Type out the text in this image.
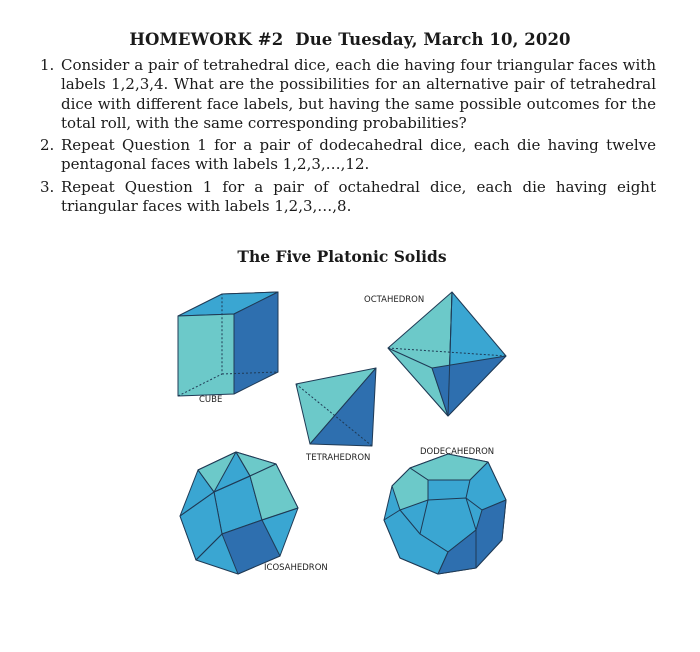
HOMEWORK #2 Due Tuesday, March 10, 2020
1. Consider a pair of tetrahedral dice, each die having four triangular faces with labels 1,2,3,4. What are the possibilities for an alternative pair of tetrahedral dice with different face labels, but having the same possible outcomes for the total roll, with the same corresponding probabilities?
2. Repeat Question 1 for a pair of dodecahedral dice, each die having twelve pentagonal faces with labels 1,2,3,…,12.
3. Repeat Question 1 for a pair of octahedral dice, each die having eight triangular faces with labels 1,2,3,…,8.
The Five Platonic Solids
CUBE
TETRAHEDRON
OCTAHEDRON
ICOSAHEDRON
DODECAHEDRON
